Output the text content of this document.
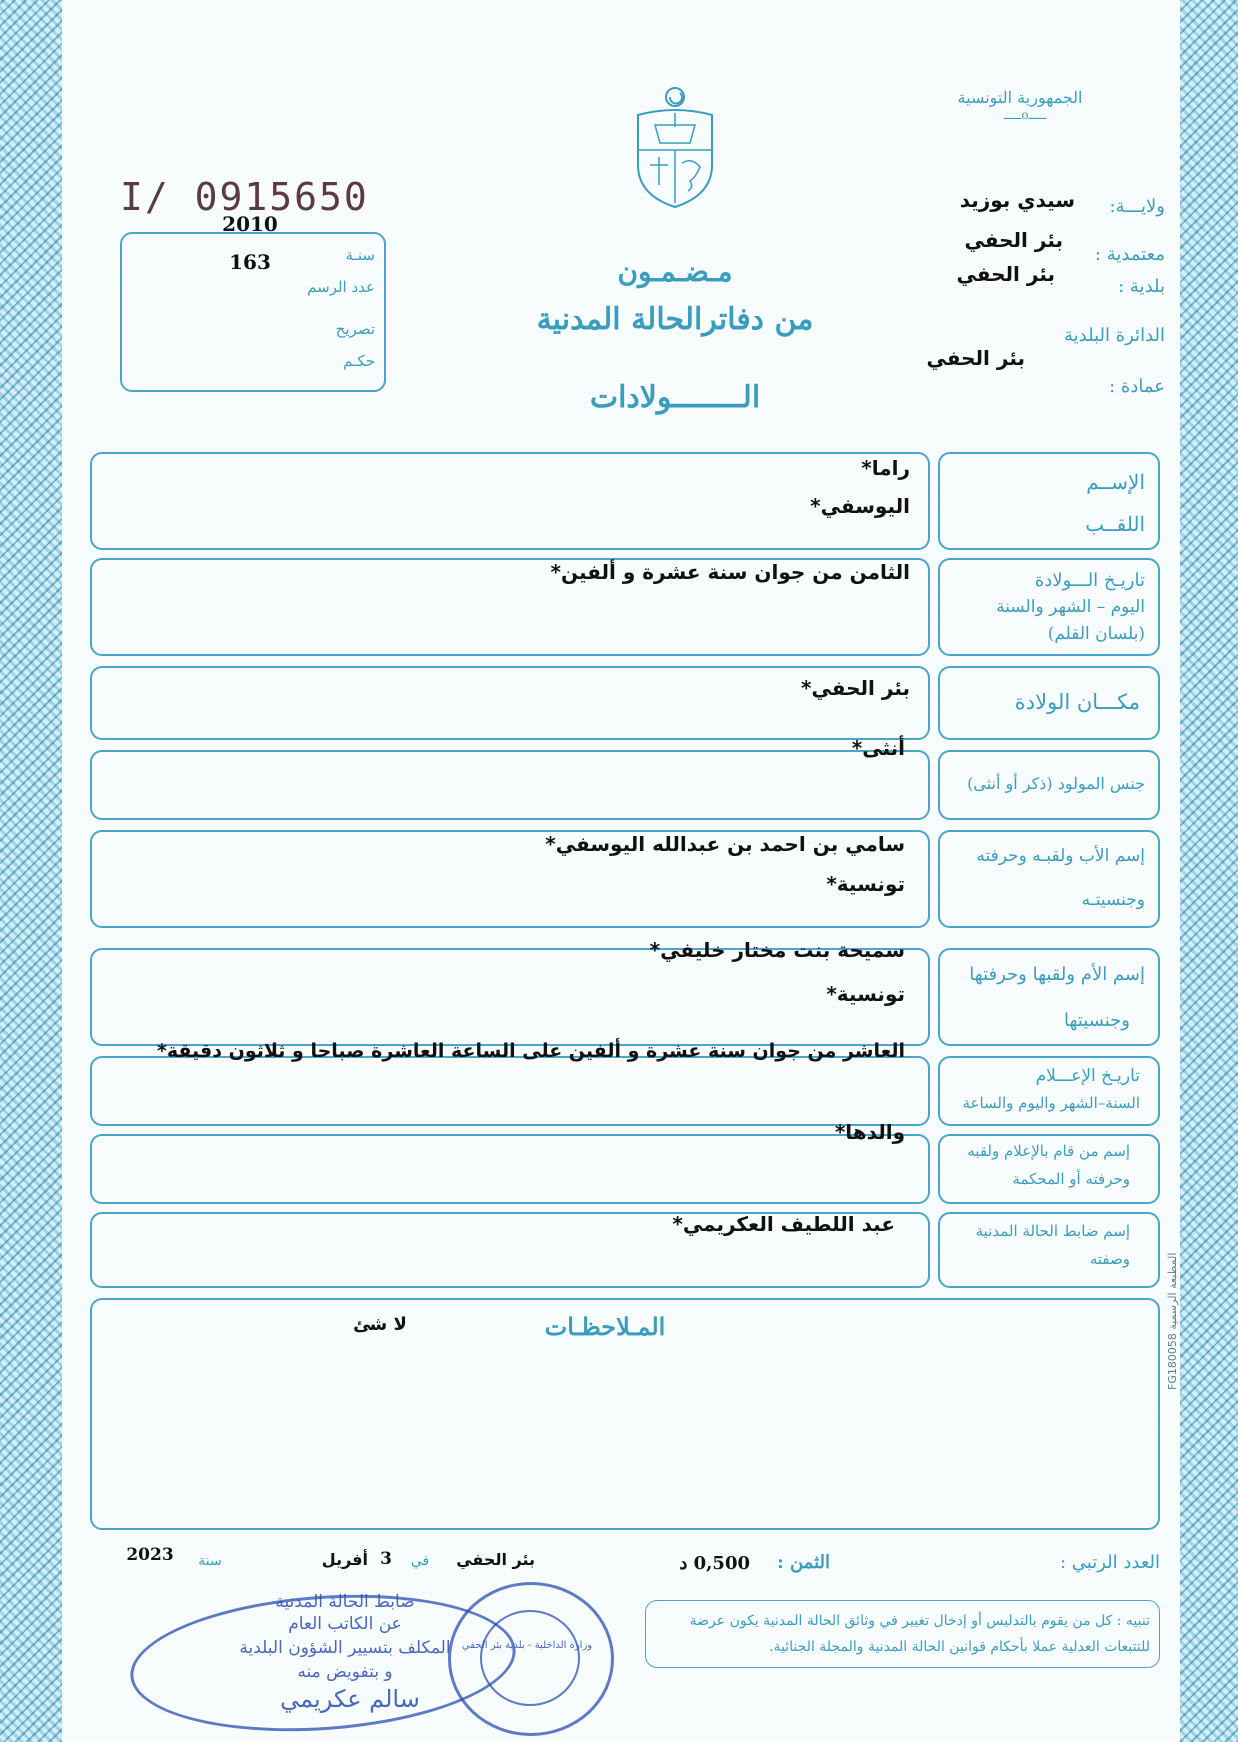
الجمهورية التونسية
ـــــoـــــ
I/ 0915650
2010
163	سنـة
عدد الرسم
تصريح
حكـم
مـضـمـون
من دفاترالحالة المدنية
الــــــــولادات
ولايـــة:
سيدي بوزيد
معتمدية :
بئر الحفي
بلدية :
بئر الحفي
الدائرة البلدية
عمادة :
بئر الحفي
الإســم
اللقــب
راما*
اليوسفي*
تاريـخ الـــولادة
اليوم – الشهر والسنة
(بلسان القلم)
الثامن من جوان سنة عشرة و ألفين*
مكـــان الولادة
بئر الحفي*
جنس المولود (ذكر أو أنثى)
أنثى*
إسم الأب ولقبـه وحرفته
وجنسيتـه
سامي بن احمد بن عبدالله اليوسفي*
تونسية*
إسم الأم ولقبها وحرفتها
وجنسيتها
سميحة بنت مختار خليفي*
تونسية*
تاريـخ الإعـــلام
السنة–الشهر واليوم والساعة
العاشر من جوان سنة عشرة و ألفين على الساعة العاشرة صباحا و ثلاثون دقيقة*
إسم من قام بالإعلام ولقبه
وحرفته أو المحكمة
والدها*
إسم ضابط الحالة المدنية
وصفته
عبد اللطيف العكريمي*
المـلاحظـات
لا شئ
المطبعة الرسمية FG180058
العدد الرتبي :
الثمن :
0,500 د
بئر الحفي
في
3
أفريل
سنة
2023
تنبيه : كل من يقوم بالتدليس أو إدخال تغيير في وثائق الحالة المدنية يكون عرضة للتتبعات العدلية عملا بأحكام قوانين الحالة المدنية والمجلة الجنائية.
ضابط الحالة المدنية
عن الكاتب العام
المكلف بتسيير الشؤون البلدية
و بتفويض منه
سالم عكريمي
وزارة الداخلية - بلدية بئر الحفي
